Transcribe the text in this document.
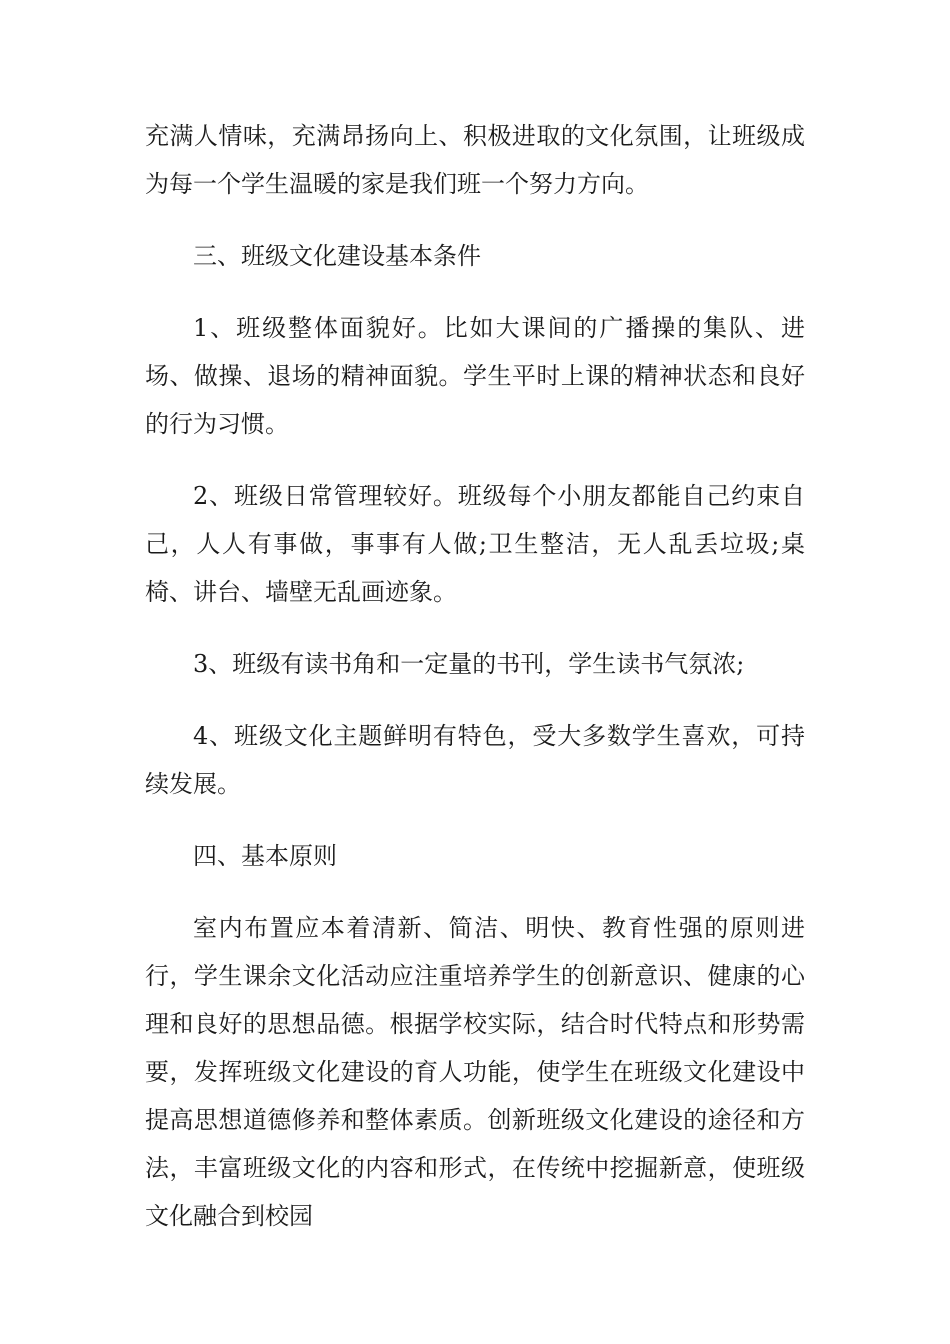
充满人情味，充满昂扬向上、积极进取的文化氛围，让班级成为每一个学生温暖的家是我们班一个努力方向。

三、班级文化建设基本条件

1、班级整体面貌好。比如大课间的广播操的集队、进场、做操、退场的精神面貌。学生平时上课的精神状态和良好的行为习惯。

2、班级日常管理较好。班级每个小朋友都能自己约束自己，人人有事做，事事有人做;卫生整洁，无人乱丢垃圾;桌椅、讲台、墙壁无乱画迹象。

3、班级有读书角和一定量的书刊，学生读书气氛浓;

4、班级文化主题鲜明有特色，受大多数学生喜欢，可持续发展。

四、基本原则

室内布置应本着清新、简洁、明快、教育性强的原则进行，学生课余文化活动应注重培养学生的创新意识、健康的心理和良好的思想品德。根据学校实际，结合时代特点和形势需要，发挥班级文化建设的育人功能，使学生在班级文化建设中提高思想道德修养和整体素质。创新班级文化建设的途径和方法，丰富班级文化的内容和形式，在传统中挖掘新意，使班级文化融合到校园
